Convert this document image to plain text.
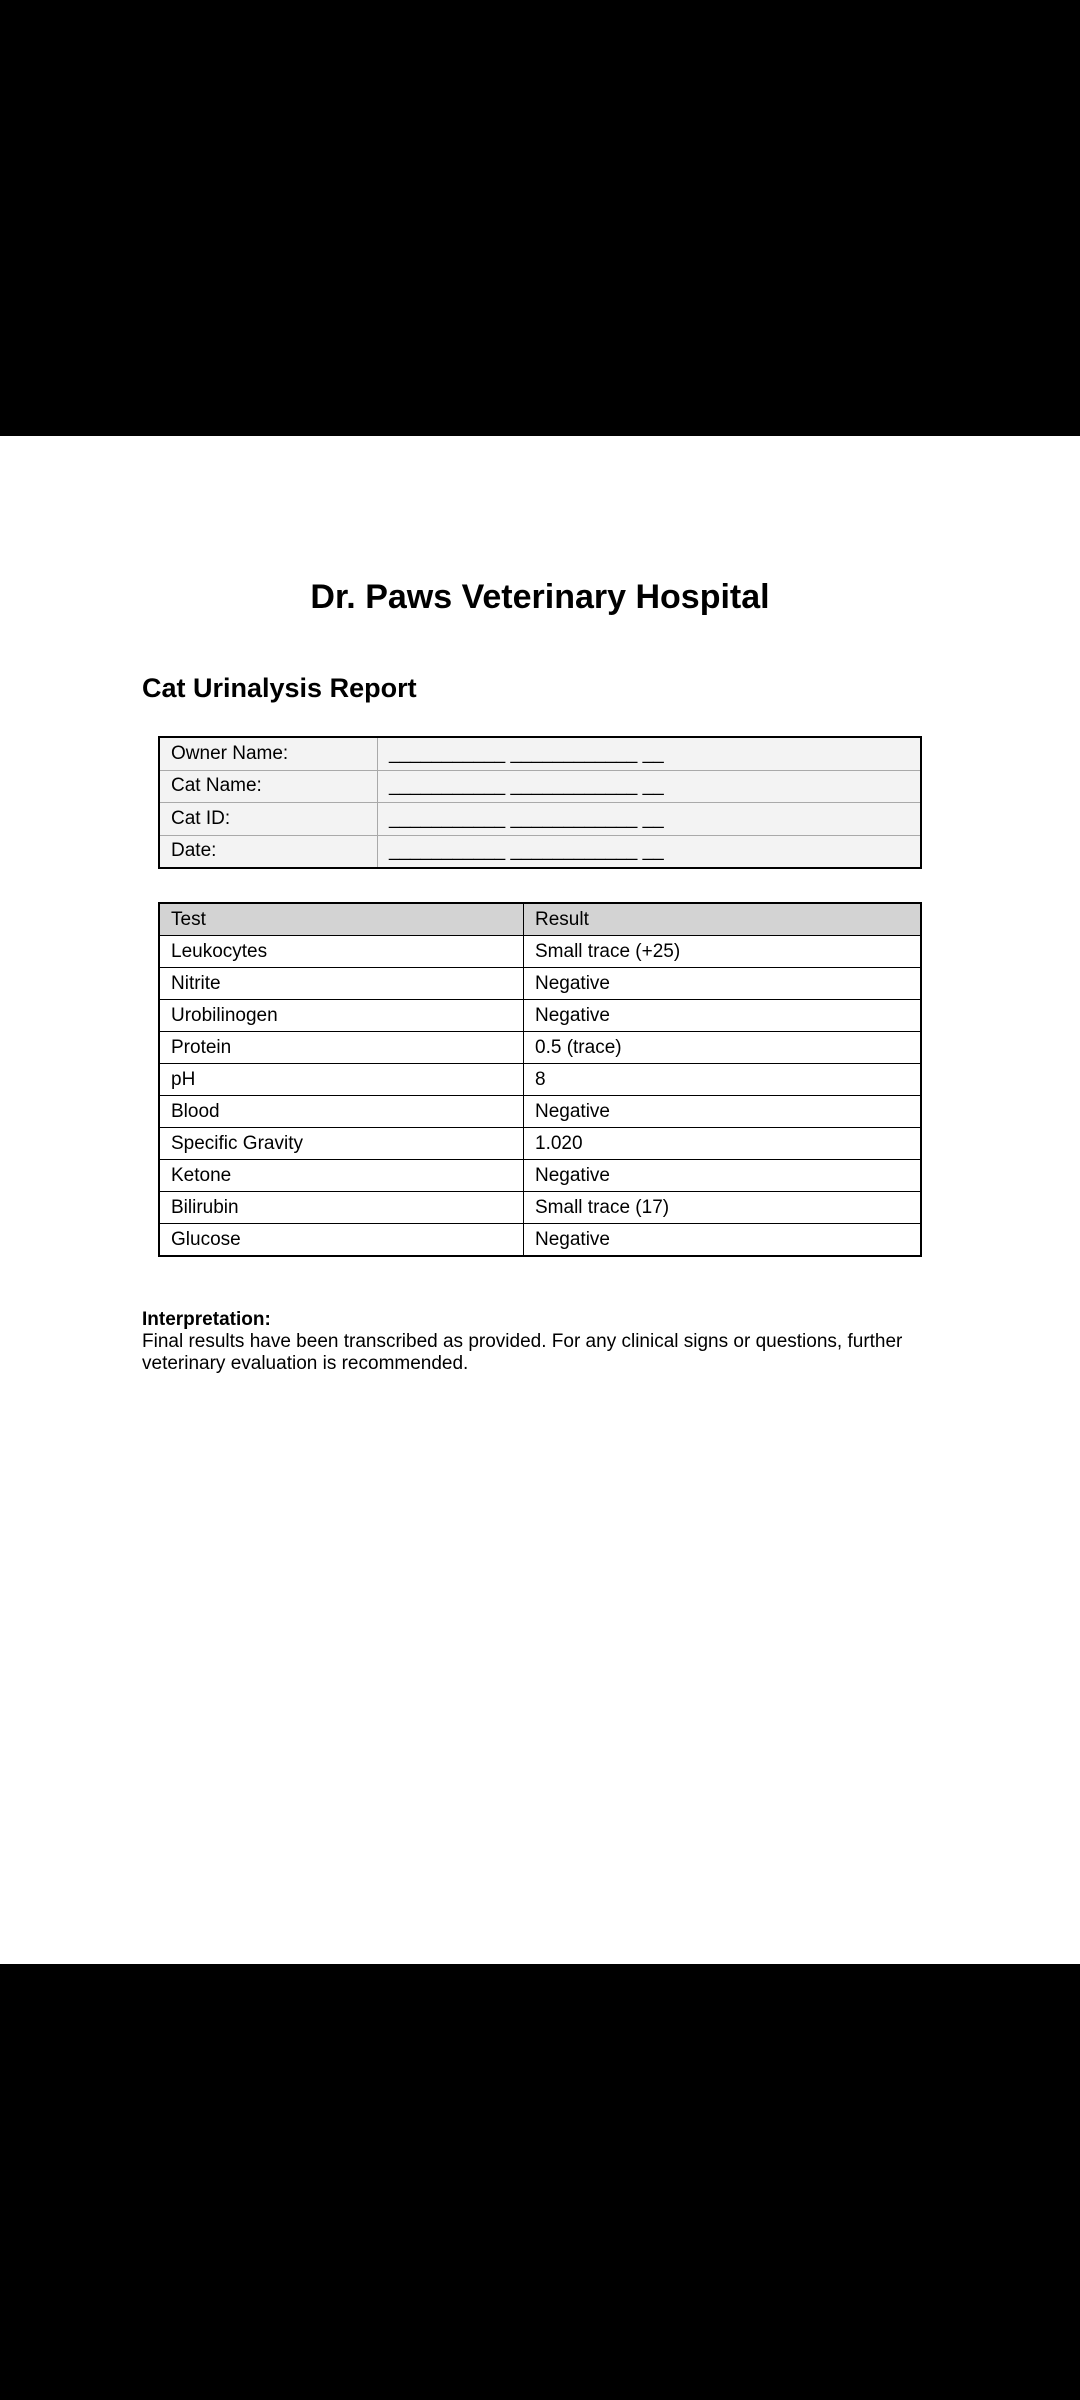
Dr. Paws Veterinary Hospital
Cat Urinalysis Report
Owner Name:	___________ ____________ __
Cat Name:	___________ ____________ __
Cat ID:	___________ ____________ __
Date:	___________ ____________ __
Test	Result
Leukocytes	Small trace (+25)
Nitrite	Negative
Urobilinogen	Negative
Protein	0.5 (trace)
pH	8
Blood	Negative
Specific Gravity	1.020
Ketone	Negative
Bilirubin	Small trace (17)
Glucose	Negative
Interpretation:
Final results have been transcribed as provided. For any clinical signs or questions, further veterinary evaluation is recommended.
